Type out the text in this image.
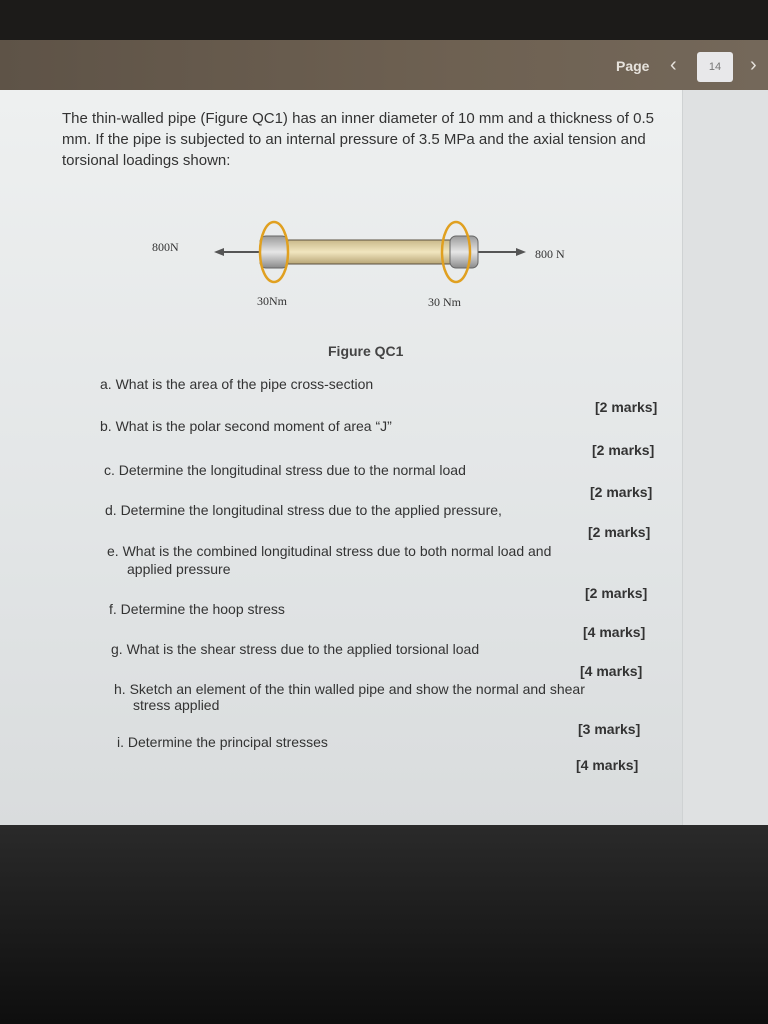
Page ‹	14	›
The thin-walled pipe (Figure QC1) has an inner diameter of 10 mm and a thickness of 0.5 mm. If the pipe is subjected to an internal pressure of 3.5 MPa and the axial tension and torsional loadings shown:
800N	800 N
30Nm	30 Nm
Figure QC1
a. What is the area of the pipe cross-section
[2 marks]
b. What is the polar second moment of area “J”
[2 marks]
c. Determine the longitudinal stress due to the normal load
[2 marks]
d. Determine the longitudinal stress due to the applied pressure,
[2 marks]
e. What is the combined longitudinal stress due to both normal load and
applied pressure
[2 marks]
f. Determine the hoop stress
[4 marks]
g. What is the shear stress due to the applied torsional load
[4 marks]
h. Sketch an element of the thin walled pipe and show the normal and shear
stress applied
[3 marks]
i. Determine the principal stresses
[4 marks]
